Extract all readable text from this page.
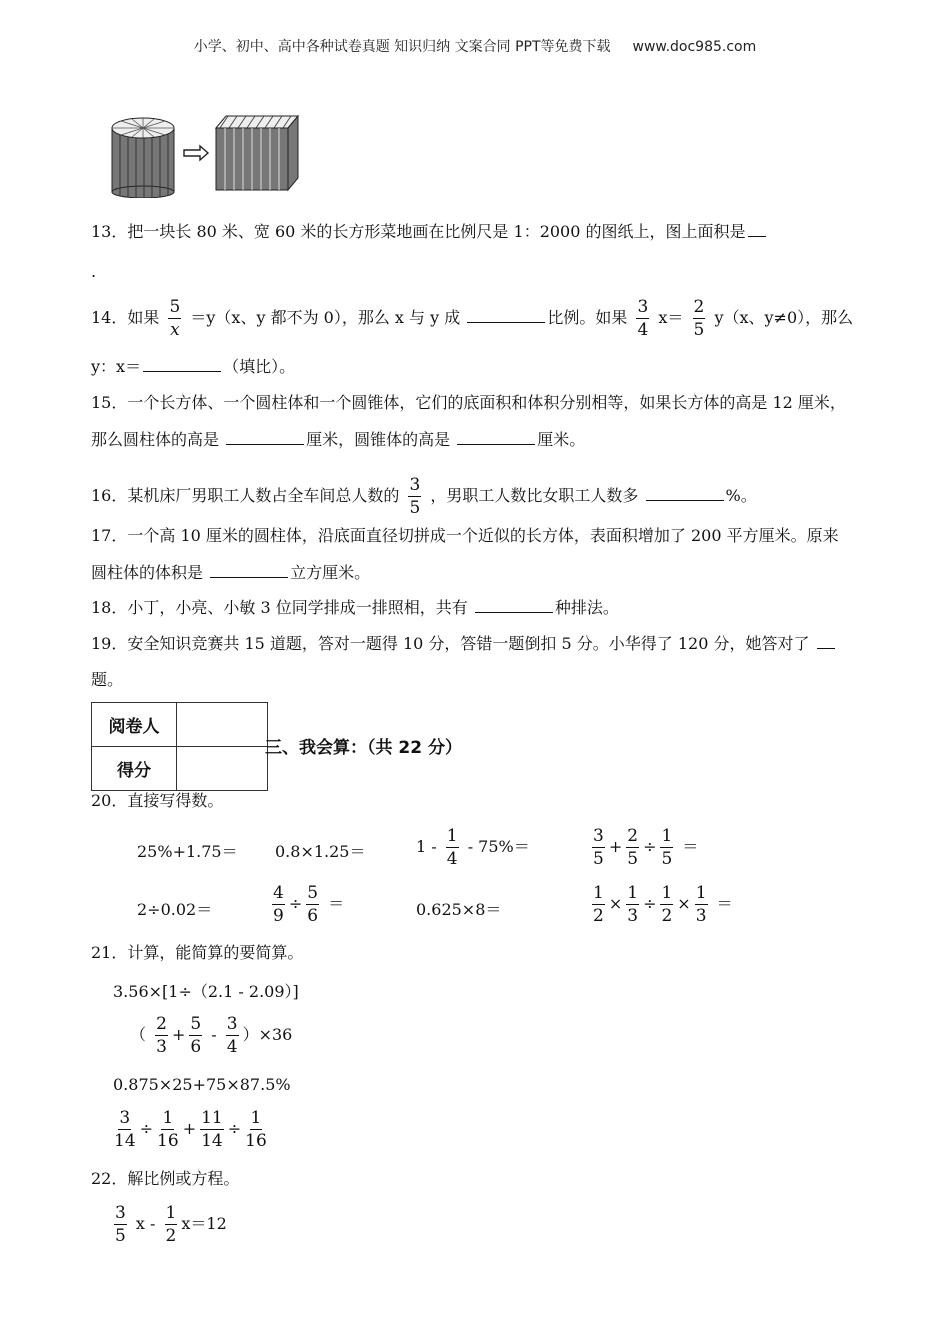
小学、初中、高中各种试卷真题 知识归纳 文案合同 PPT等免费下载 www.doc985.com
13．把一块长 80 米、宽 60 米的长方形菜地画在比例尺是 1：2000 的图纸上，图上面积是
.
14．如果 $\frac{5}{x} =y(x$、y 都不为 0），那么 x 与 y 成	比例。如果 $\frac{3}{4} x= \frac{2}{5} y(x$、y≠0），那么
y：x＝	（填比）。
15．一个长方体、一个圆柱体和一个圆锥体，它们的底面积和体积分别相等，如果长方体的高是 12 厘米，
那么圆柱体的高是	厘米，圆锥体的高是	厘米。
16．某机床厂男职工人数占全车间总人数的 $\frac{3}{5}$ ，男职工人数比女职工人数多	%。
17．一个高 10 厘米的圆柱体，沿底面直径切拼成一个近似的长方体，表面积增加了 200 平方厘米。原来
圆柱体的体积是	立方厘米。
18．小丁，小亮、小敏 3 位同学排成一排照相，共有	种排法。
19．安全知识竞赛共 15 道题，答对一题得 10 分，答错一题倒扣 5 分。小华得了 120 分，她答对了
题。
阅卷人	
得分	
三、我会算：（共 22 分）
20．直接写得数。
25%+1.75＝ 0.8×1.25＝	$1 - \frac{1}{4} - 75\%=$	$\frac{3}{5} + \frac{2}{5} \div \frac{1}{5}$ ＝
2÷0.02＝	$\frac{4}{9} \div \frac{5}{6}$ ＝	0.625×8＝	$\frac{1}{2} \times \frac{1}{3} \div \frac{1}{2} \times \frac{1}{3}$ ＝
21．计算，能简算的要简算。
3.56×[1÷（2.1 - 2.09）]
（ $\frac{2}{3} + \frac{5}{6} - \frac{3}{4} )\times 36$
0.875×25+75×87.5%
$\frac{3}{14} \div \frac{1}{16} + \frac{11}{14} \div \frac{1}{16}$
22．解比例或方程。
$\frac{3}{5}$ $x - \frac{1}{2} x=12$
